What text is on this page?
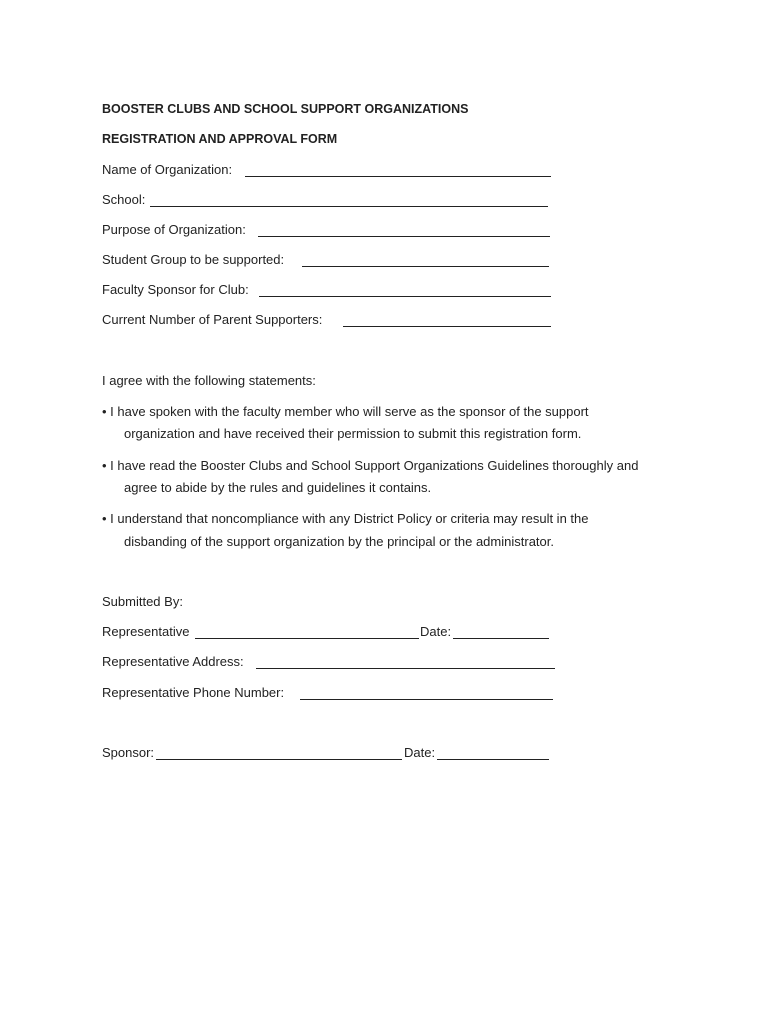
BOOSTER CLUBS AND SCHOOL SUPPORT ORGANIZATIONS
REGISTRATION AND APPROVAL FORM
Name of Organization:
School:
Purpose of Organization:
Student Group to be supported:
Faculty Sponsor for Club:
Current Number of Parent Supporters:
I agree with the following statements:
• I have spoken with the faculty member who will serve as the sponsor of the support
organization and have received their permission to submit this registration form.
• I have read the Booster Clubs and School Support Organizations Guidelines thoroughly and
agree to abide by the rules and guidelines it contains.
• I understand that noncompliance with any District Policy or criteria may result in the
disbanding of the support organization by the principal or the administrator.
Submitted By:
Representative	Date:
Representative Address:
Representative Phone Number:
Sponsor:	Date:
